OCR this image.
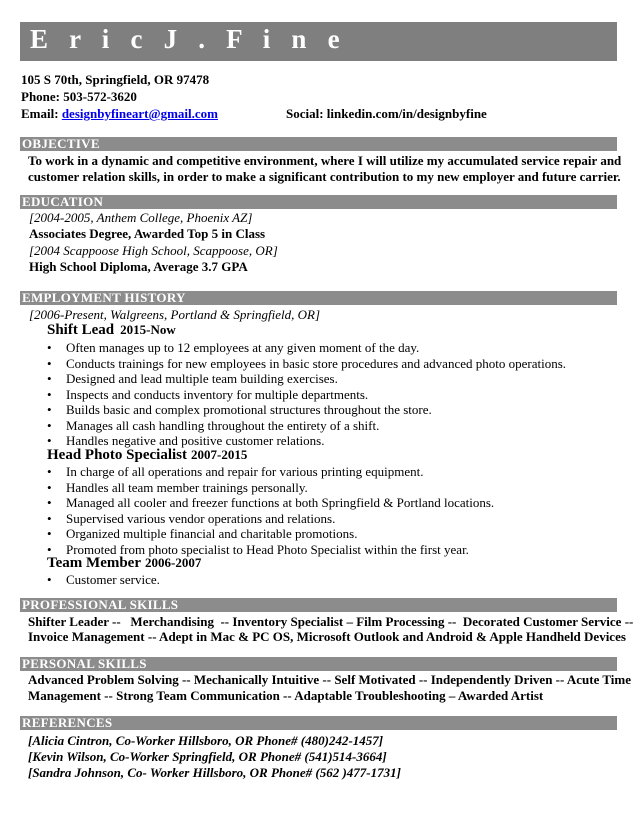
E r i c J . F i n e
105 S 70th, Springfield, OR 97478
Phone: 503-572-3620
Email: designbyfineart@gmail.com	Social: linkedin.com/in/designbyfine
OBJECTIVE
To work in a dynamic and competitive environment, where I will utilize my accumulated service repair and
customer relation skills, in order to make a significant contribution to my new employer and future carrier.
EDUCATION
[2004-2005, Anthem College, Phoenix AZ]
Associates Degree, Awarded Top 5 in Class
[2004 Scappoose High School, Scappoose, OR]
High School Diploma, Average 3.7 GPA
EMPLOYMENT HISTORY
[2006-Present, Walgreens, Portland & Springfield, OR]
Shift Lead 2015-Now
• Often manages up to 12 employees at any given moment of the day.
• Conducts trainings for new employees in basic store procedures and advanced photo operations.
• Designed and lead multiple team building exercises.
• Inspects and conducts inventory for multiple departments.
• Builds basic and complex promotional structures throughout the store.
• Manages all cash handling throughout the entirety of a shift.
• Handles negative and positive customer relations.
Head Photo Specialist 2007-2015
• In charge of all operations and repair for various printing equipment.
• Handles all team member trainings personally.
• Managed all cooler and freezer functions at both Springfield & Portland locations.
• Supervised various vendor operations and relations.
• Organized multiple financial and charitable promotions.
• Promoted from photo specialist to Head Photo Specialist within the first year.
Team Member 2006-2007
• Customer service.
PROFESSIONAL SKILLS
Shifter Leader --   Merchandising  -- Inventory Specialist – Film Processing --  Decorated Customer Service --
Invoice Management -- Adept in Mac & PC OS, Microsoft Outlook and Android & Apple Handheld Devices
PERSONAL SKILLS
Advanced Problem Solving -- Mechanically Intuitive -- Self Motivated -- Independently Driven -- Acute Time
Management -- Strong Team Communication -- Adaptable Troubleshooting – Awarded Artist
REFERENCES
[Alicia Cintron, Co-Worker Hillsboro, OR Phone# (480)242-1457]
[Kevin Wilson, Co-Worker Springfield, OR Phone# (541)514-3664]
[Sandra Johnson, Co- Worker Hillsboro, OR Phone# (562 )477-1731]
